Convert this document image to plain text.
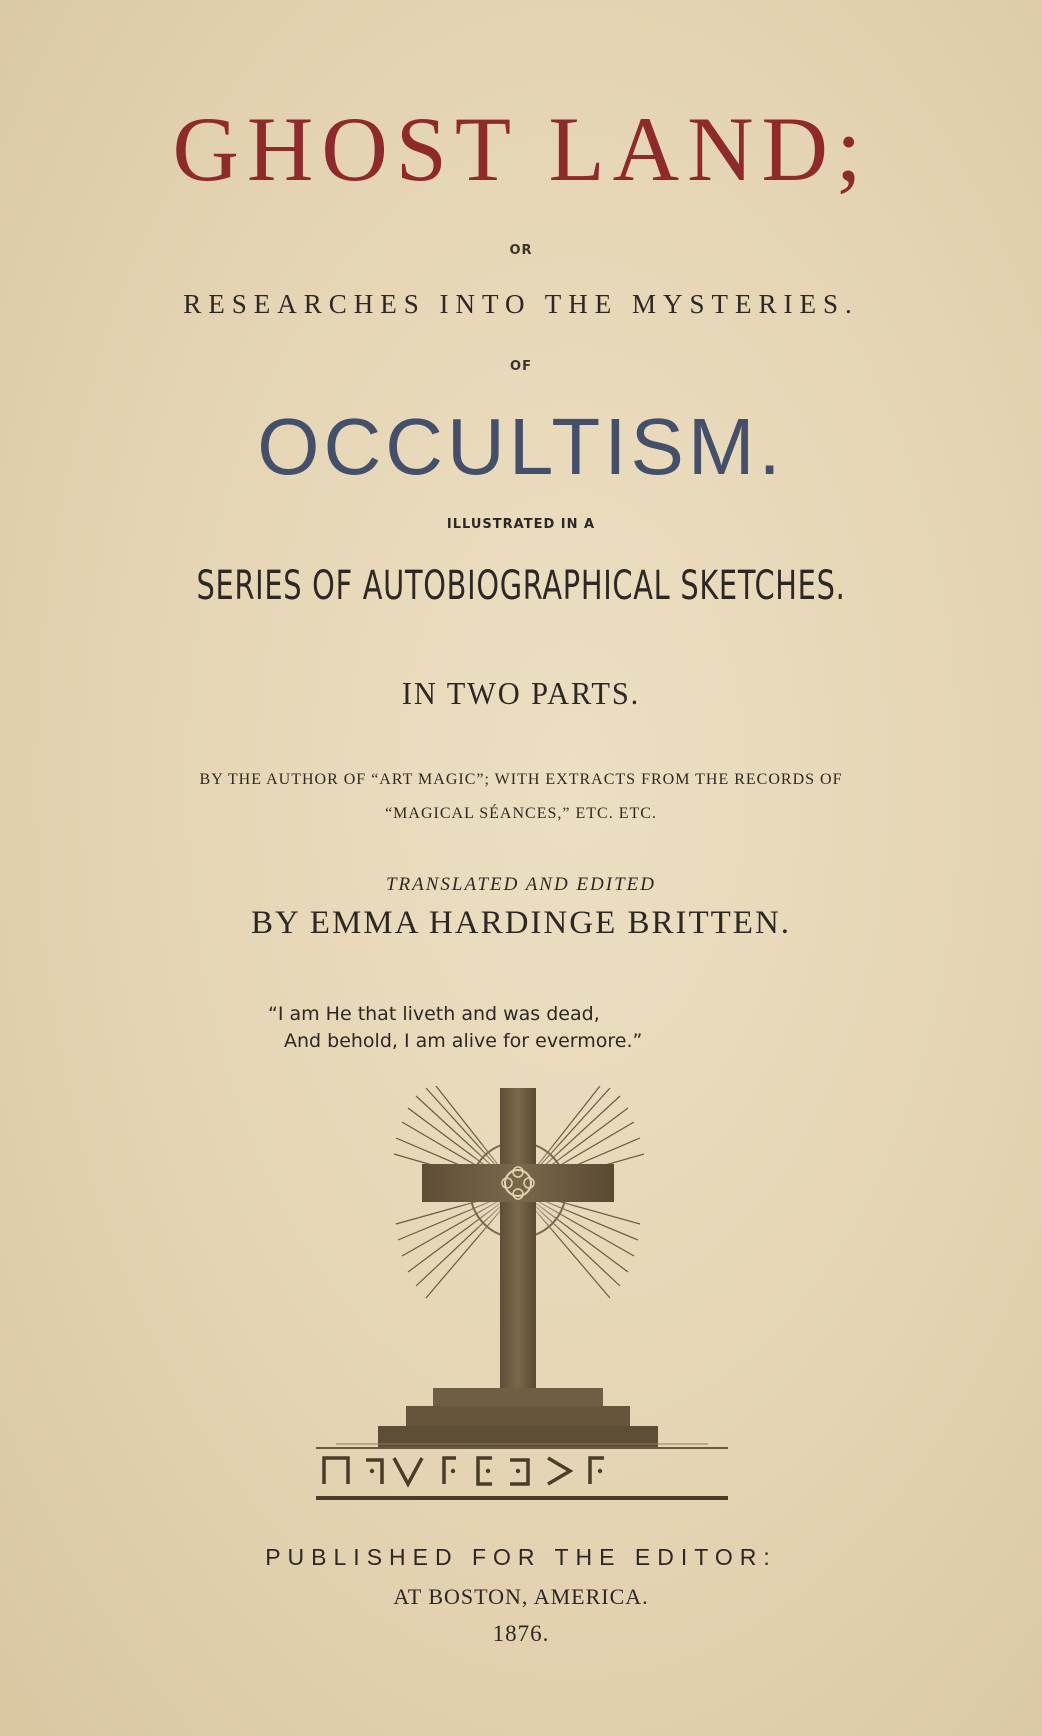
GHOST LAND;
OR
RESEARCHES INTO THE MYSTERIES.
OF
OCCULTISM.
ILLUSTRATED IN A
SERIES OF AUTOBIOGRAPHICAL SKETCHES.
IN TWO PARTS.
BY THE AUTHOR OF “ART MAGIC”; WITH EXTRACTS FROM THE RECORDS OF
“MAGICAL SÉANCES,” ETC. ETC.
TRANSLATED AND EDITED
BY EMMA HARDINGE BRITTEN.
“I am He that liveth and was dead,
And behold, I am alive for evermore.”
PUBLISHED FOR THE EDITOR:
AT BOSTON, AMERICA.
1876.
